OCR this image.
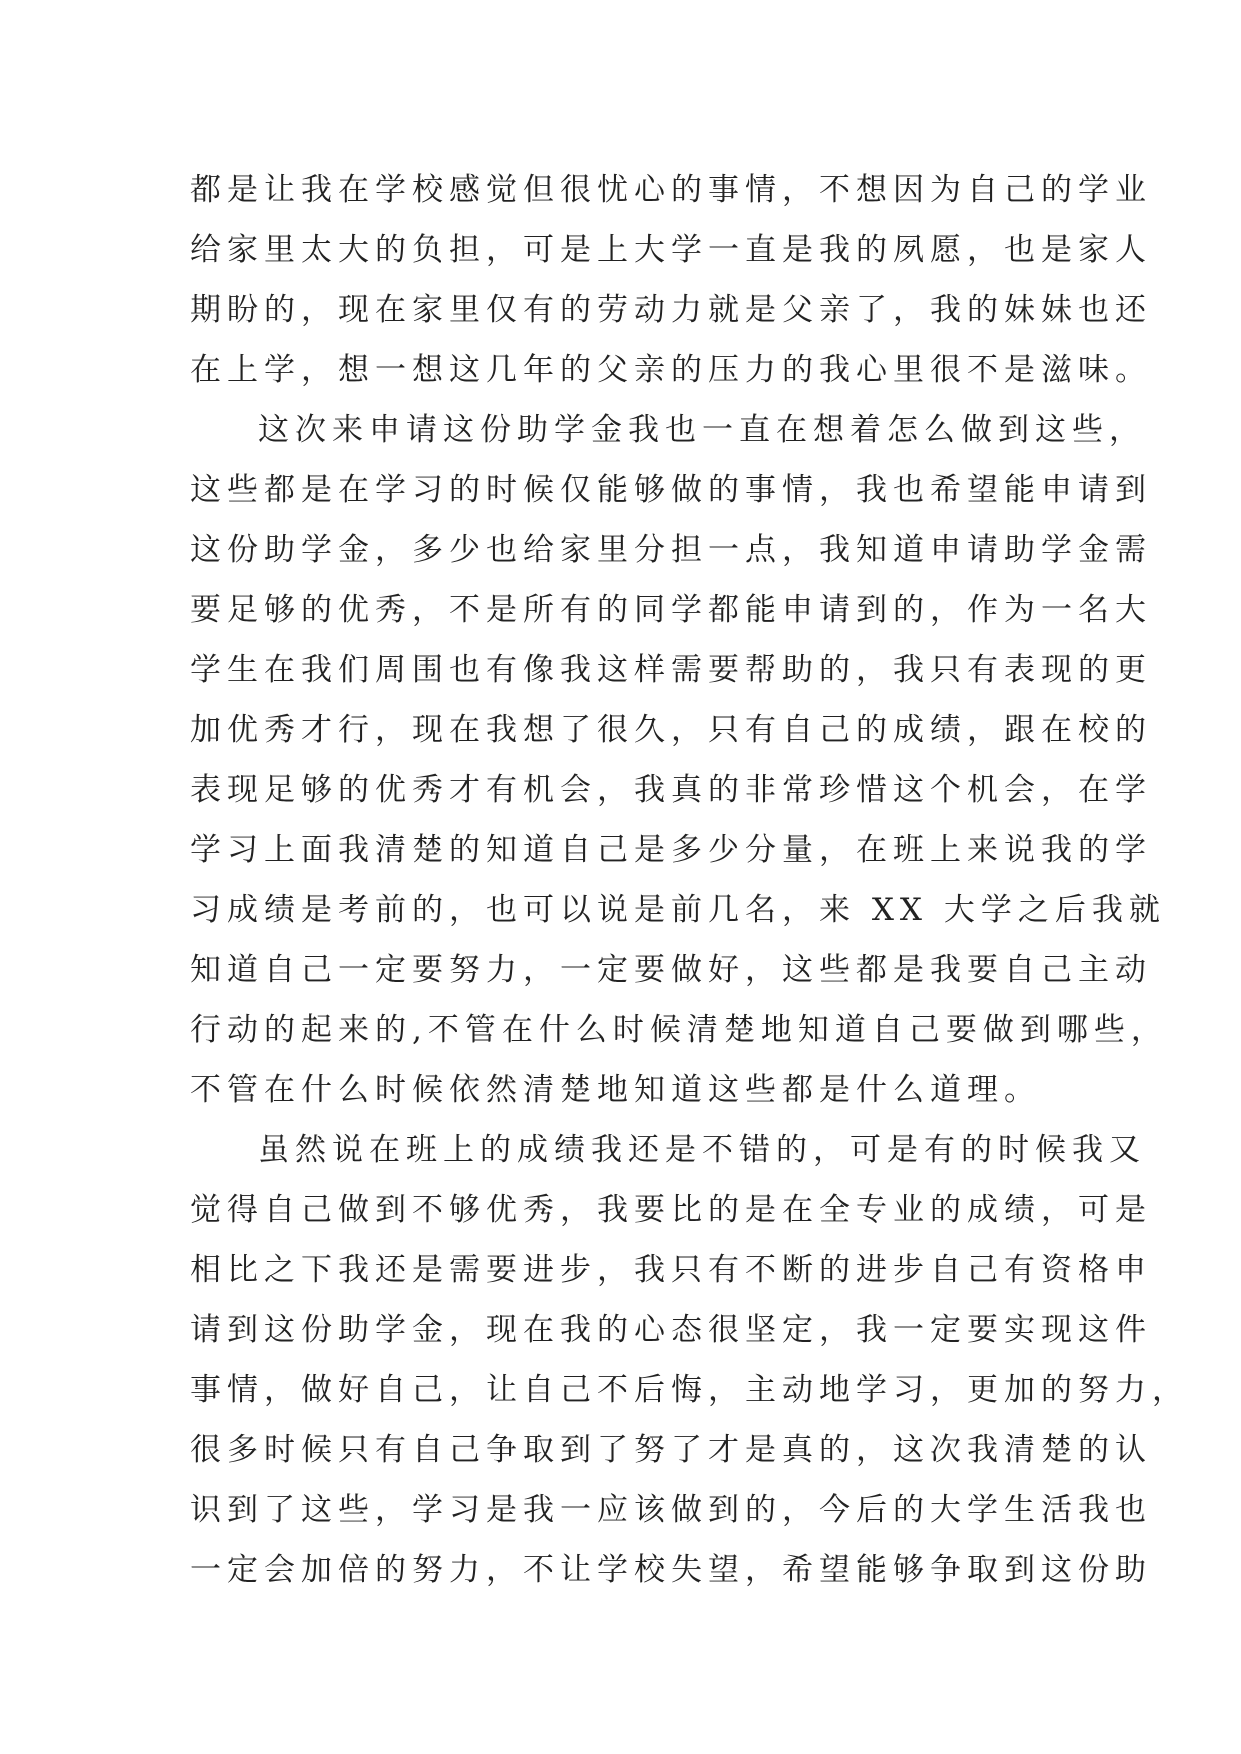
都是让我在学校感觉但很忧心的事情，不想因为自己的学业
给家里太大的负担，可是上大学一直是我的夙愿，也是家人
期盼的，现在家里仅有的劳动力就是父亲了，我的妹妹也还
在上学，想一想这几年的父亲的压力的我心里很不是滋味。
这次来申请这份助学金我也一直在想着怎么做到这些，
这些都是在学习的时候仅能够做的事情，我也希望能申请到
这份助学金，多少也给家里分担一点，我知道申请助学金需
要足够的优秀，不是所有的同学都能申请到的，作为一名大
学生在我们周围也有像我这样需要帮助的，我只有表现的更
加优秀才行，现在我想了很久，只有自己的成绩，跟在校的
表现足够的优秀才有机会，我真的非常珍惜这个机会，在学
学习上面我清楚的知道自己是多少分量，在班上来说我的学
习成绩是考前的，也可以说是前几名，来 XX 大学之后我就
知道自己一定要努力，一定要做好，这些都是我要自己主动
行动的起来的,不管在什么时候清楚地知道自己要做到哪些，
不管在什么时候依然清楚地知道这些都是什么道理。
虽然说在班上的成绩我还是不错的，可是有的时候我又
觉得自己做到不够优秀，我要比的是在全专业的成绩，可是
相比之下我还是需要进步，我只有不断的进步自己有资格申
请到这份助学金，现在我的心态很坚定，我一定要实现这件
事情，做好自己，让自己不后悔，主动地学习，更加的努力，
很多时候只有自己争取到了努了才是真的，这次我清楚的认
识到了这些，学习是我一应该做到的，今后的大学生活我也
一定会加倍的努力，不让学校失望，希望能够争取到这份助
